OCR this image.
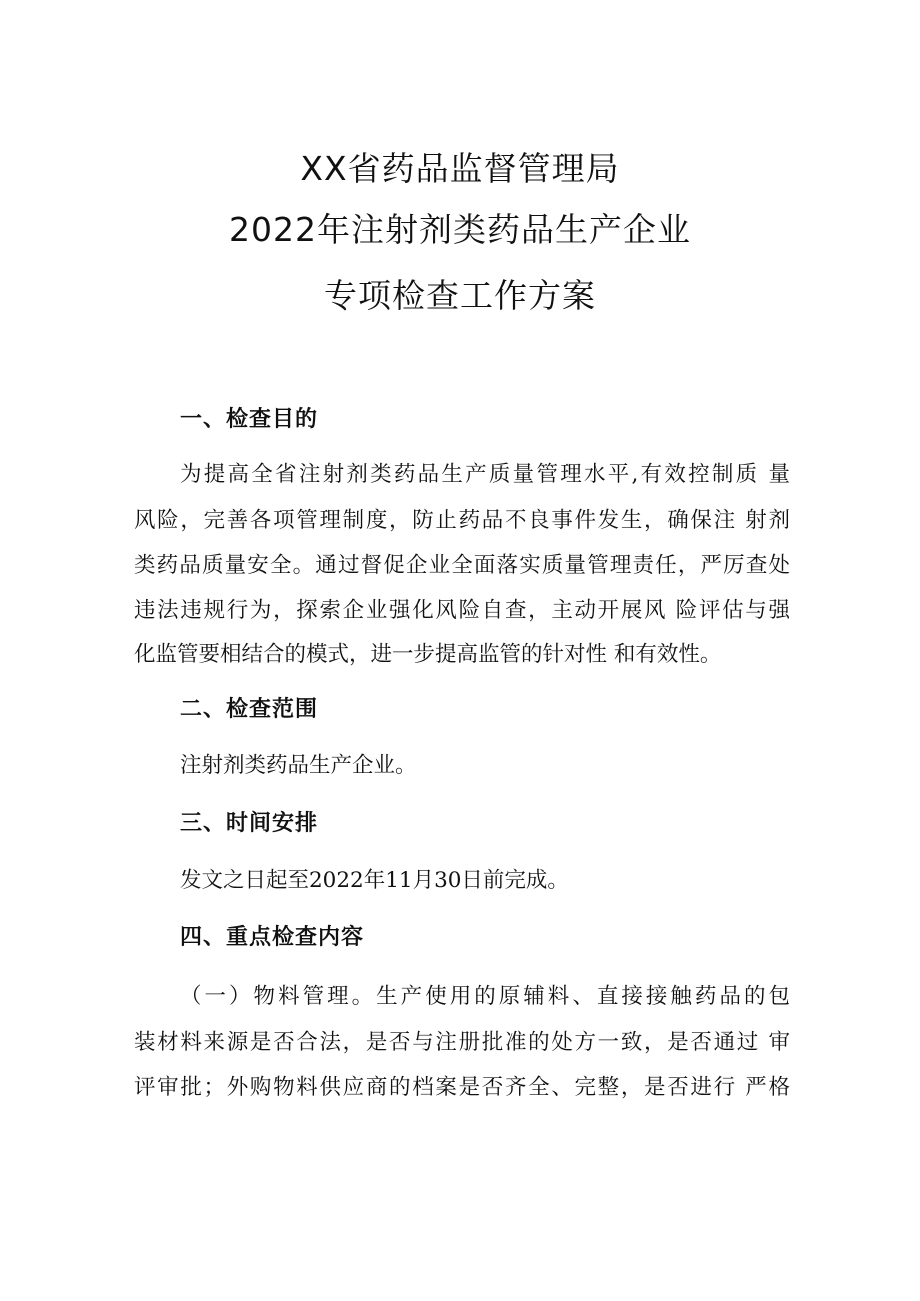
XX省药品监督管理局
2022年注射剂类药品生产企业
专项检查工作方案
一、检查目的
为提高全省注射剂类药品生产质量管理水平,有效控制质 量
风险，完善各项管理制度，防止药品不良事件发生，确保注 射剂
类药品质量安全。通过督促企业全面落实质量管理责任，严厉查处
违法违规行为，探索企业强化风险自查，主动开展风 险评估与强
化监管要相结合的模式，进一步提高监管的针对性 和有效性。
二、检查范围
注射剂类药品生产企业。
三、时间安排
发文之日起至2022年11月30日前完成。
四、重点检查内容
（一）物料管理。生产使用的原辅料、直接接触药品的包
装材料来源是否合法，是否与注册批准的处方一致，是否通过 审
评审批；外购物料供应商的档案是否齐全、完整，是否进行 严格
